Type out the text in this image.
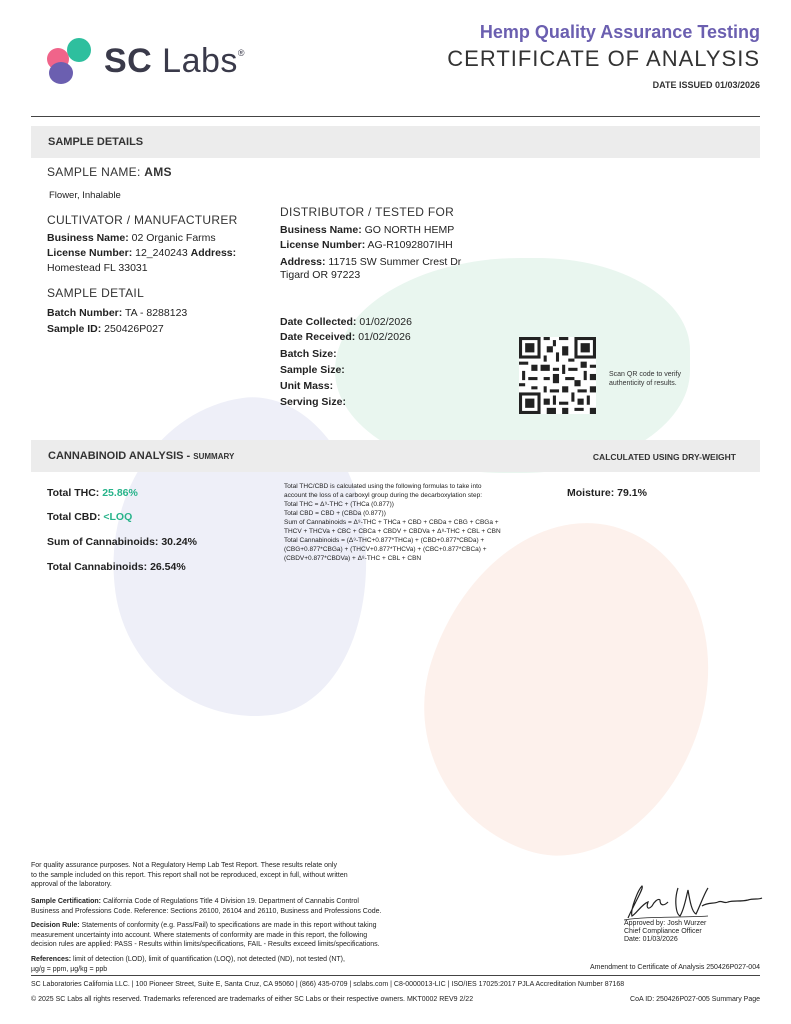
SC Labs®
Hemp Quality Assurance Testing
CERTIFICATE OF ANALYSIS
DATE ISSUED 01/03/2026
SAMPLE DETAILS
SAMPLE NAME: AMS
Flower, Inhalable
CULTIVATOR / MANUFACTURER
Business Name: 02 Organic Farms
License Number: 12_240243 Address:
Homestead FL 33031
SAMPLE DETAIL
Batch Number: TA - 8288123
Sample ID: 250426P027
DISTRIBUTOR / TESTED FOR
Business Name: GO NORTH HEMP
License Number: AG-R1092807IHH
Address: 11715 SW Summer Crest Dr
Tigard OR 97223
Date Collected: 01/02/2026
Date Received: 01/02/2026
Batch Size:
Sample Size:
Unit Mass:
Serving Size:
Scan QR code to verify authenticity of results.
CANNABINOID ANALYSIS - SUMMARY	CALCULATED USING DRY-WEIGHT
Total THC: 25.86%
Total CBD: <LOQ
Sum of Cannabinoids: 30.24%
Total Cannabinoids: 26.54%
Total THC/CBD is calculated using the following formulas to take into
account the loss of a carboxyl group during the decarboxylation step:
Total THC = Δ⁹-THC + (THCa (0.877))
Total CBD = CBD + (CBDa (0.877))
Sum of Cannabinoids = Δ⁹-THC + THCa + CBD + CBDa + CBG + CBGa +
THCV + THCVa + CBC + CBCa + CBDV + CBDVa + Δ⁸-THC + CBL + CBN
Total Cannabinoids = (Δ⁹-THC+0.877*THCa) + (CBD+0.877*CBDa) +
(CBG+0.877*CBGa) + (THCV+0.877*THCVa) + (CBC+0.877*CBCa) +
(CBDV+0.877*CBDVa) + Δ⁸-THC + CBL + CBN
Moisture: 79.1%
For quality assurance purposes. Not a Regulatory Hemp Lab Test Report. These results relate only
to the sample included on this report. This report shall not be reproduced, except in full, without written
approval of the laboratory.
Sample Certification: California Code of Regulations Title 4 Division 19. Department of Cannabis Control
Business and Professions Code. Reference: Sections 26100, 26104 and 26110, Business and Professions Code.
Decision Rule: Statements of conformity (e.g. Pass/Fail) to specifications are made in this report without taking
measurement uncertainty into account. Where statements of conformity are made in this report, the following
decision rules are applied: PASS - Results within limits/specifications, FAIL - Results exceed limits/specifications.
References: limit of detection (LOD), limit of quantification (LOQ), not detected (ND), not tested (NT),
µg/g = ppm, µg/kg = ppb
Approved by: Josh Wurzer
Chief Compliance Officer
Date: 01/03/2026
Amendment to Certificate of Analysis 250426P027-004
SC Laboratories California LLC. | 100 Pioneer Street, Suite E, Santa Cruz, CA 95060 | (866) 435-0709 | sclabs.com | C8-0000013-LIC | ISO/IES 17025:2017 PJLA Accreditation Number 87168
© 2025 SC Labs all rights reserved. Trademarks referenced are trademarks of either SC Labs or their respective owners. MKT0002 REV9 2/22	CoA ID: 250426P027-005 Summary Page
